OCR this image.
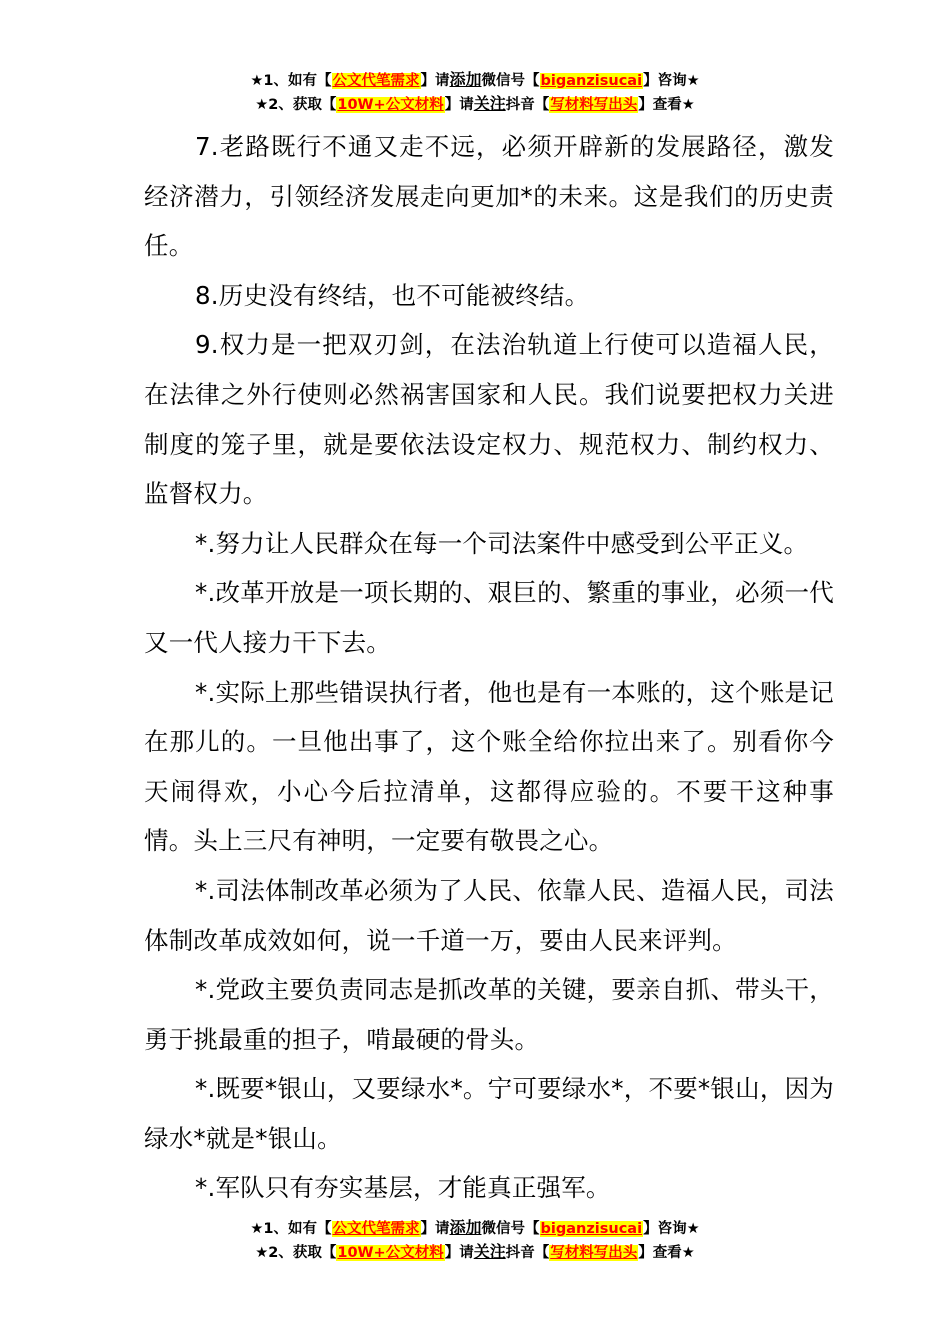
★1、如有【公文代笔需求】请添加微信号【biganzisucai】咨询★
★2、获取【10W+公文材料】请关注抖音【写材料写出头】查看★

7.老路既行不通又走不远，必须开辟新的发展路径，激发经济潜力，引领经济发展走向更加*的未来。这是我们的历史责任。

8.历史没有终结，也不可能被终结。

9.权力是一把双刃剑，在法治轨道上行使可以造福人民，在法律之外行使则必然祸害国家和人民。我们说要把权力关进制度的笼子里，就是要依法设定权力、规范权力、制约权力、监督权力。

*.努力让人民群众在每一个司法案件中感受到公平正义。

*.改革开放是一项长期的、艰巨的、繁重的事业，必须一代又一代人接力干下去。

*.实际上那些错误执行者，他也是有一本账的，这个账是记在那儿的。一旦他出事了，这个账全给你拉出来了。别看你今天闹得欢，小心今后拉清单，这都得应验的。不要干这种事情。头上三尺有神明，一定要有敬畏之心。

*.司法体制改革必须为了人民、依靠人民、造福人民，司法体制改革成效如何，说一千道一万，要由人民来评判。

*.党政主要负责同志是抓改革的关键，要亲自抓、带头干，勇于挑最重的担子，啃最硬的骨头。

*.既要*银山，又要绿水*。宁可要绿水*，不要*银山，因为绿水*就是*银山。

*.军队只有夯实基层，才能真正强军。

★1、如有【公文代笔需求】请添加微信号【biganzisucai】咨询★
★2、获取【10W+公文材料】请关注抖音【写材料写出头】查看★
